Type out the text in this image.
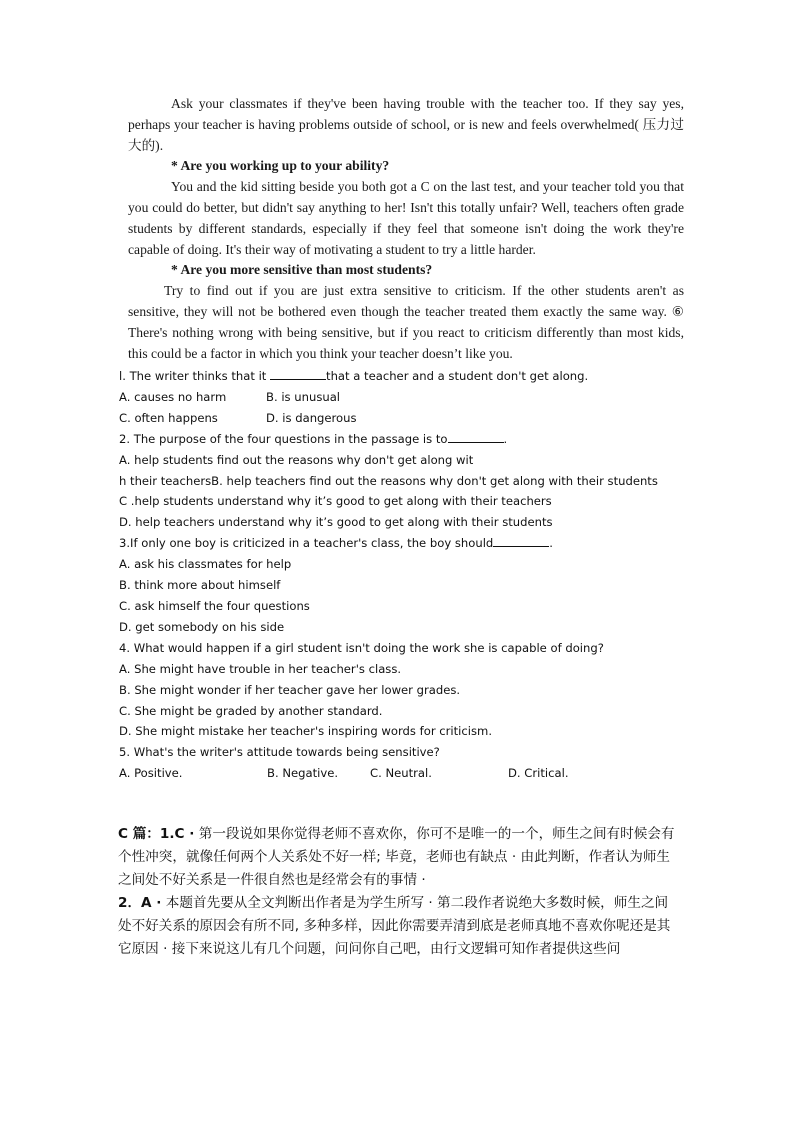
Ask your classmates if they've been having trouble with the teacher too. If they say yes, perhaps your teacher is having problems outside of school, or is new and feels overwhelmed( 压力过大的).

* Are you working up to your ability?

You and the kid sitting beside you both got a C on the last test, and your teacher told you that you could do better, but didn't say anything to her! Isn't this totally unfair? Well, teachers often grade students by different standards, especially if they feel that someone isn't doing the work they're capable of doing. It's their way of motivating a student to try a little harder.

* Are you more sensitive than most students?

Try to find out if you are just extra sensitive to criticism. If the other students aren't as sensitive, they will not be bothered even though the teacher treated them exactly the same way. ⑥ There's nothing wrong with being sensitive, but if you react to criticism differently than most kids, this could be a factor in which you think your teacher doesn’t like you.

l. The writer thinks that it	that a teacher and a student don't get along.
A. causes no harm	B. is unusual
C. often happens	D. is dangerous
2. The purpose of the four questions in the passage is to	.
A. help students find out the reasons why don't get along wit
h their teachersB. help teachers find out the reasons why don't get along with their students
C .help students understand why it’s good to get along with their teachers
D. help teachers understand why it’s good to get along with their students
3.If only one boy is criticized in a teacher's class, the boy should	.
A. ask his classmates for help
B. think more about himself
C. ask himself the four questions
D. get somebody on his side
4. What would happen if a girl student isn't doing the work she is capable of doing?
A. She might have trouble in her teacher's class.
B. She might wonder if her teacher gave her lower grades.
C. She might be graded by another standard.
D. She might mistake her teacher's inspiring words for criticism.
5. What's the writer's attitude towards being sensitive?
A. Positive.	B. Negative.	C. Neutral.	D. Critical.

C 篇：1.C · 第一段说如果你觉得老师不喜欢你，你可不是唯一的一个，师生之间有时候会有个性冲突，就像任何两个人关系处不好一样; 毕竟，老师也有缺点 · 由此判断，作者认为师生之间处不好关系是一件很自然也是经常会有的事情 ·

2．A · 本题首先要从全文判断出作者是为学生所写 · 第二段作者说绝大多数时候，师生之间处不好关系的原因会有所不同, 多种多样，因此你需要弄清到底是老师真地不喜欢你呢还是其它原因 · 接下来说这儿有几个问题，问问你自己吧，由行文逻辑可知作者提供这些问
